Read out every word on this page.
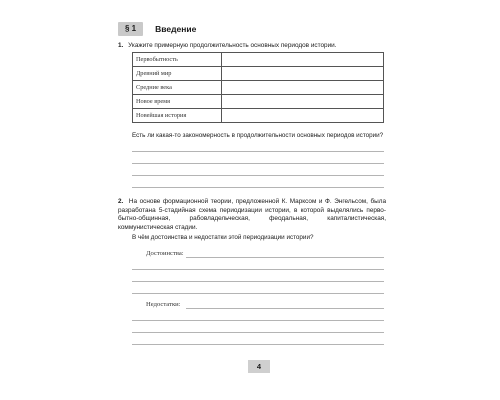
§ 1	Введение
1. Укажите примерную продолжительность основных периодов истории.
Первобытность	
Древний мир	
Средние века	
Новое время	
Новейшая история	
Есть ли какая-то закономерность в продолжительности основных периодов истории?
2. На основе формационной теории, предложенной К. Марксом и Ф. Энгельсом, была разработана 5-стадийная схема периодизации истории, в которой выделялись перво-бытно-общинная, рабовладельческая, феодальная, капиталистическая, коммунистическая стадии.
В чём достоинства и недостатки этой периодизации истории?
Достоинства:
Недостатки:
4
